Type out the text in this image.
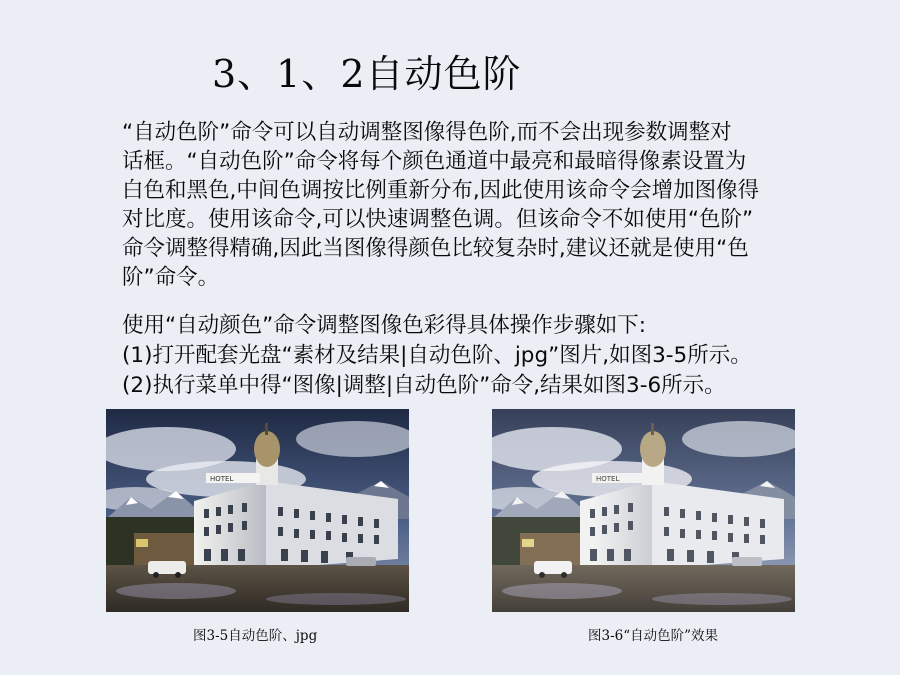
3、1、2自动色阶
“自动色阶”命令可以自动调整图像得色阶,而不会出现参数调整对
话框。“自动色阶”命令将每个颜色通道中最亮和最暗得像素设置为
白色和黑色,中间色调按比例重新分布,因此使用该命令会增加图像得
对比度。使用该命令,可以快速调整色调。但该命令不如使用“色阶”
命令调整得精确,因此当图像得颜色比较复杂时,建议还就是使用“色
阶”命令。
使用“自动颜色”命令调整图像色彩得具体操作步骤如下:
(1)打开配套光盘“素材及结果|自动色阶、jpg”图片,如图3-5所示。
(2)执行菜单中得“图像|调整|自动色阶”命令,结果如图3-6所示。
HOTEL	HOTEL
图3-5自动色阶、jpg	图3-6“自动色阶”效果
